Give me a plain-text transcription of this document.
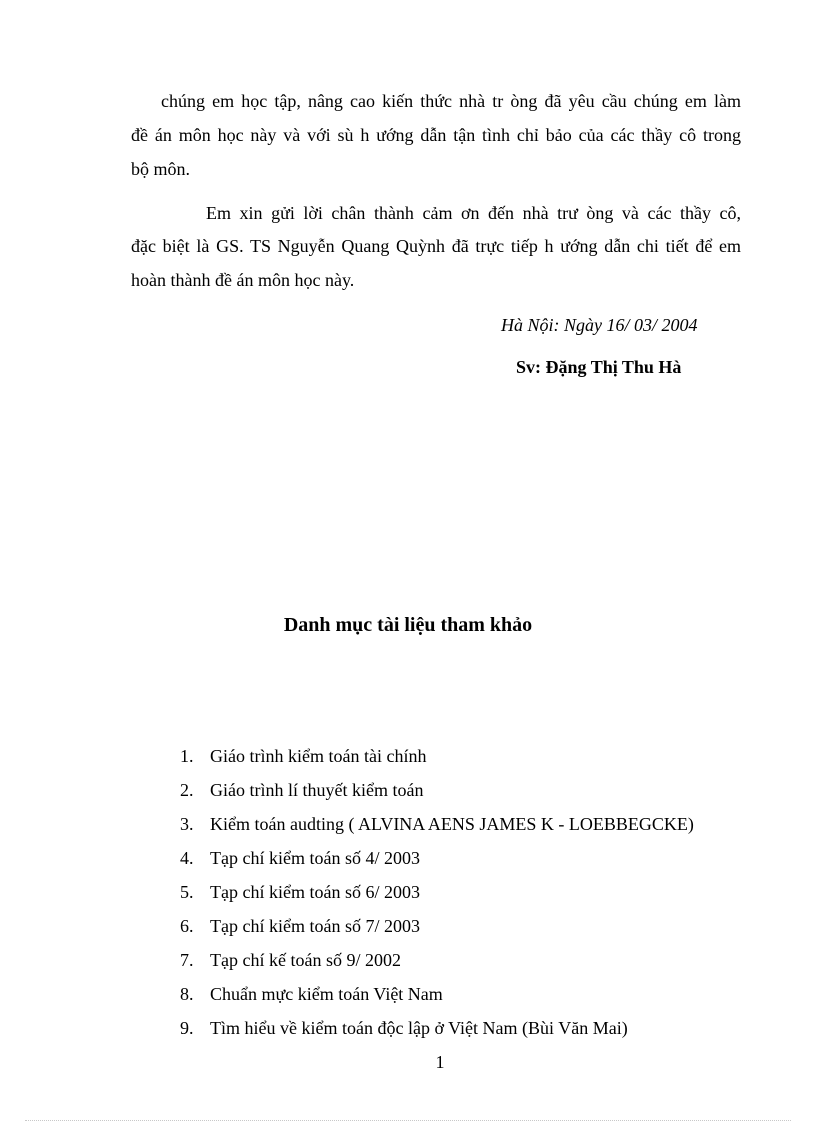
chúng em học tập, nâng cao kiến thức nhà tr òng đã yêu cầu chúng em làm
đề án môn học này và với sù h ướng dẫn tận tình chỉ bảo của các thầy cô trong
bộ môn.
Em xin gửi lời chân thành cảm ơn đến nhà trư òng và các thầy cô,
đặc biệt là GS. TS Nguyễn Quang Quỳnh đã trực tiếp h ướng dẫn chi tiết để em
hoàn thành đề án môn học này.
Hà Nội: Ngày 16/ 03/ 2004
Sv: Đặng Thị Thu Hà
Danh mục tài liệu tham khảo
1. Giáo trình kiểm toán tài chính
2. Giáo trình lí thuyết kiểm toán
3. Kiểm toán audting ( ALVINA AENS JAMES K - LOEBBEGCKE)
4. Tạp chí kiểm toán số 4/ 2003
5. Tạp chí kiểm toán số 6/ 2003
6. Tạp chí kiểm toán số 7/ 2003
7. Tạp chí kế toán số 9/ 2002
8. Chuẩn mực kiểm toán Việt Nam
9. Tìm hiểu về kiểm toán độc lập ở Việt Nam (Bùi Văn Mai)
1
